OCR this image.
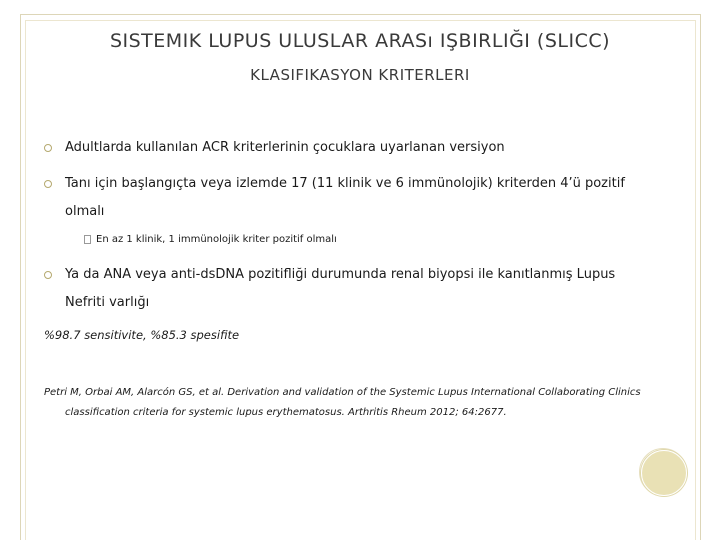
SISTEMIK LUPUS ULUSLAR ARASı IŞBIRLIĞI (SLICC)
KLASIFIKASYON KRITERLERI
Adultlarda kullanılan ACR kriterlerinin çocuklara uyarlanan versiyon
Tanı için başlangıçta veya izlemde 17 (11 klinik ve 6 immünolojik) kriterden 4’ü pozitif
olmalı
En az 1 klinik, 1 immünolojik kriter pozitif olmalı
Ya da ANA veya anti-dsDNA pozitifliği durumunda renal biyopsi ile kanıtlanmış Lupus
Nefriti varlığı
%98.7 sensitivite, %85.3 spesifite
Petri M, Orbai AM, Alarcón GS, et al. Derivation and validation of the Systemic Lupus International Collaborating Clinics
classification criteria for systemic lupus erythematosus. Arthritis Rheum 2012; 64:2677.
